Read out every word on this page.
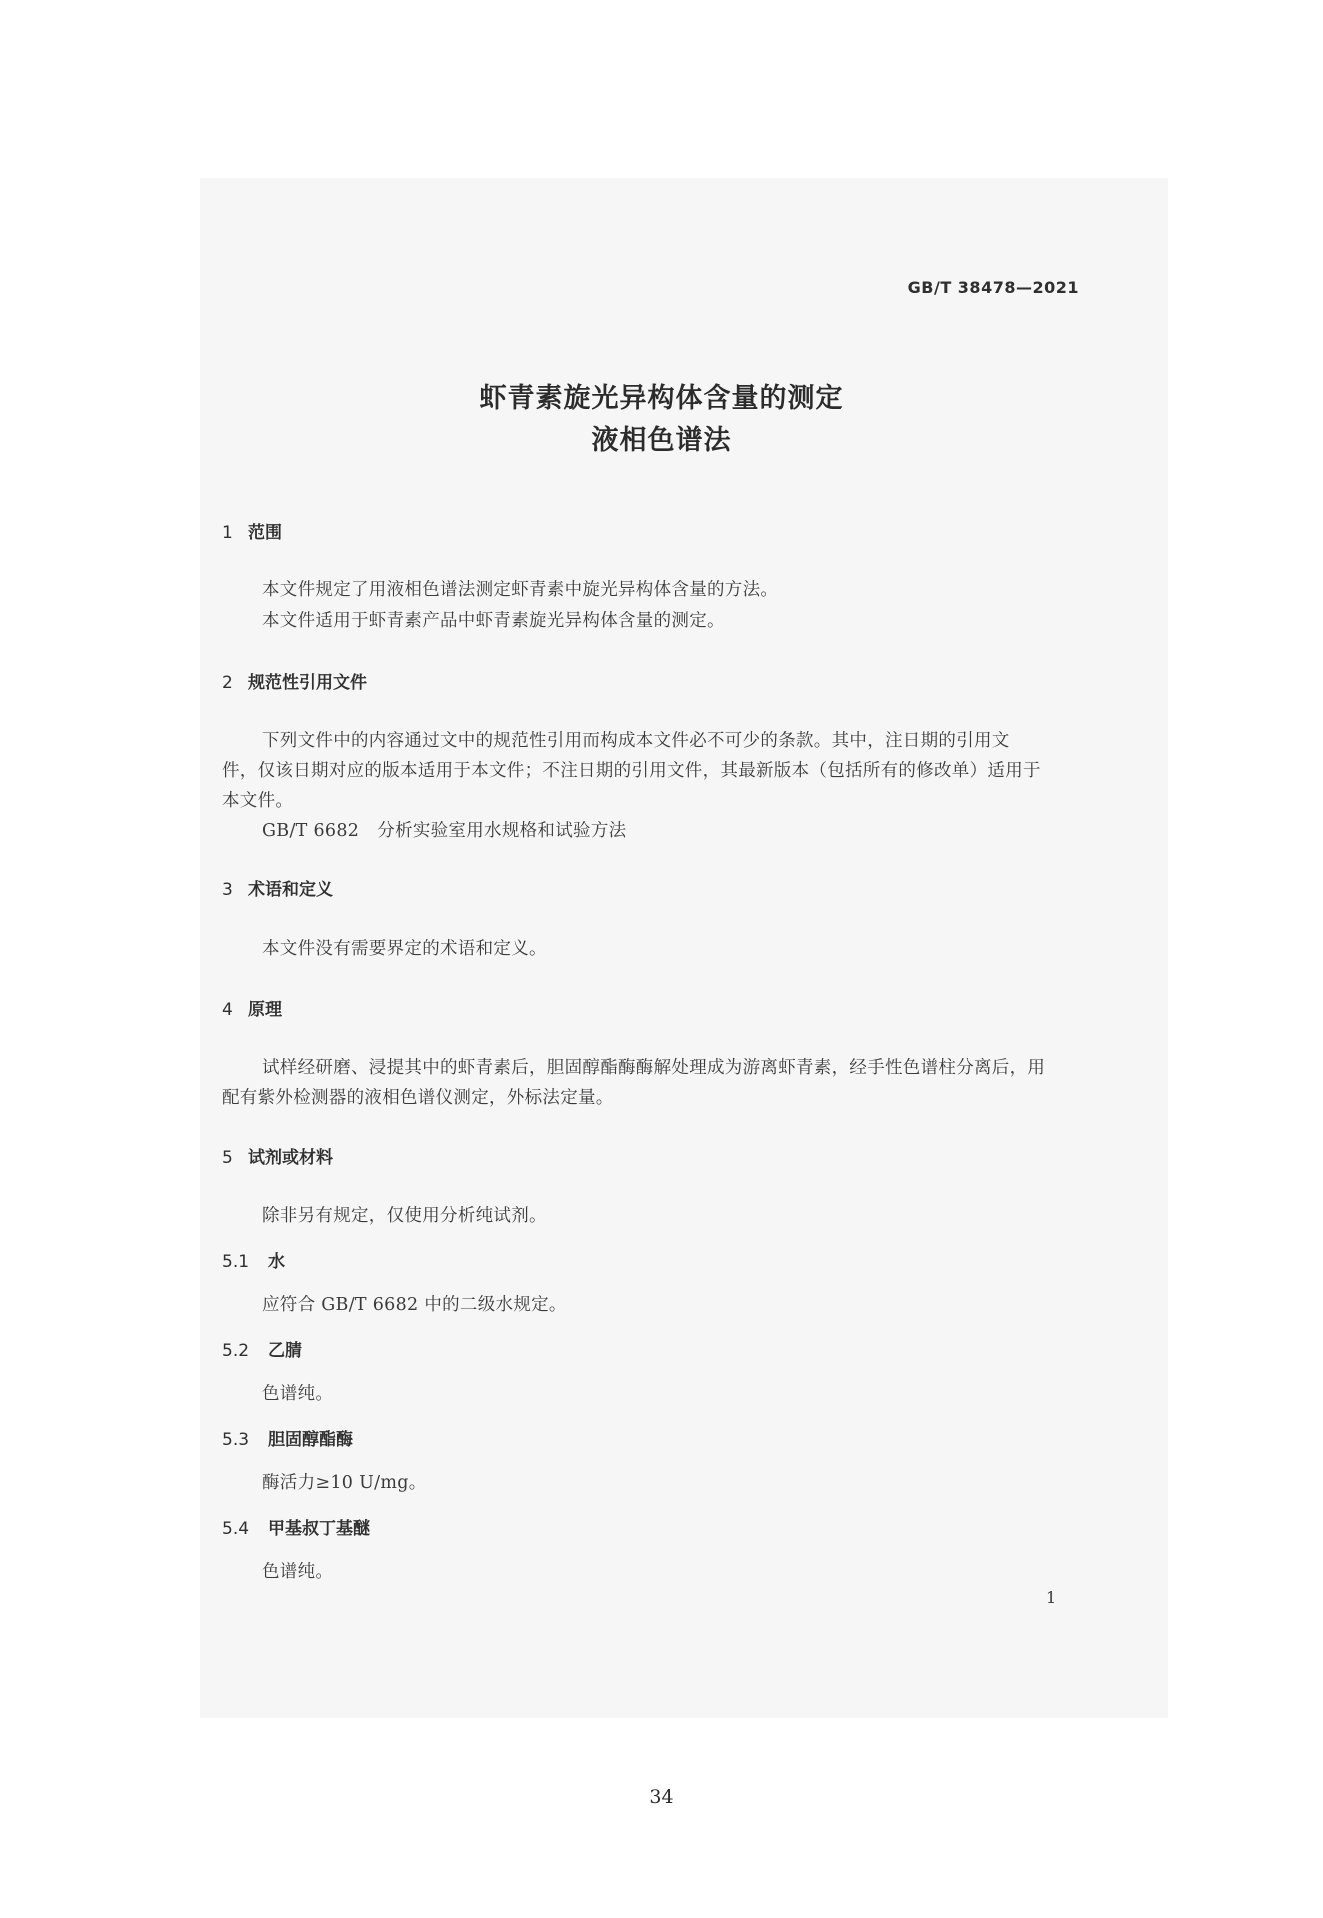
GB/T 38478—2021
虾青素旋光异构体含量的测定
液相色谱法
1 范围
本文件规定了用液相色谱法测定虾青素中旋光异构体含量的方法。
本文件适用于虾青素产品中虾青素旋光异构体含量的测定。
2 规范性引用文件
下列文件中的内容通过文中的规范性引用而构成本文件必不可少的条款。其中，注日期的引用文
件，仅该日期对应的版本适用于本文件；不注日期的引用文件，其最新版本（包括所有的修改单）适用于
本文件。
GB/T 6682 分析实验室用水规格和试验方法
3 术语和定义
本文件没有需要界定的术语和定义。
4 原理
试样经研磨、浸提其中的虾青素后，胆固醇酯酶酶解处理成为游离虾青素，经手性色谱柱分离后，用
配有紫外检测器的液相色谱仪测定，外标法定量。
5 试剂或材料
除非另有规定，仅使用分析纯试剂。
5.1 水
应符合 GB/T 6682 中的二级水规定。
5.2 乙腈
色谱纯。
5.3 胆固醇酯酶
酶活力≥10 U/mg。
5.4 甲基叔丁基醚
色谱纯。
1
34
